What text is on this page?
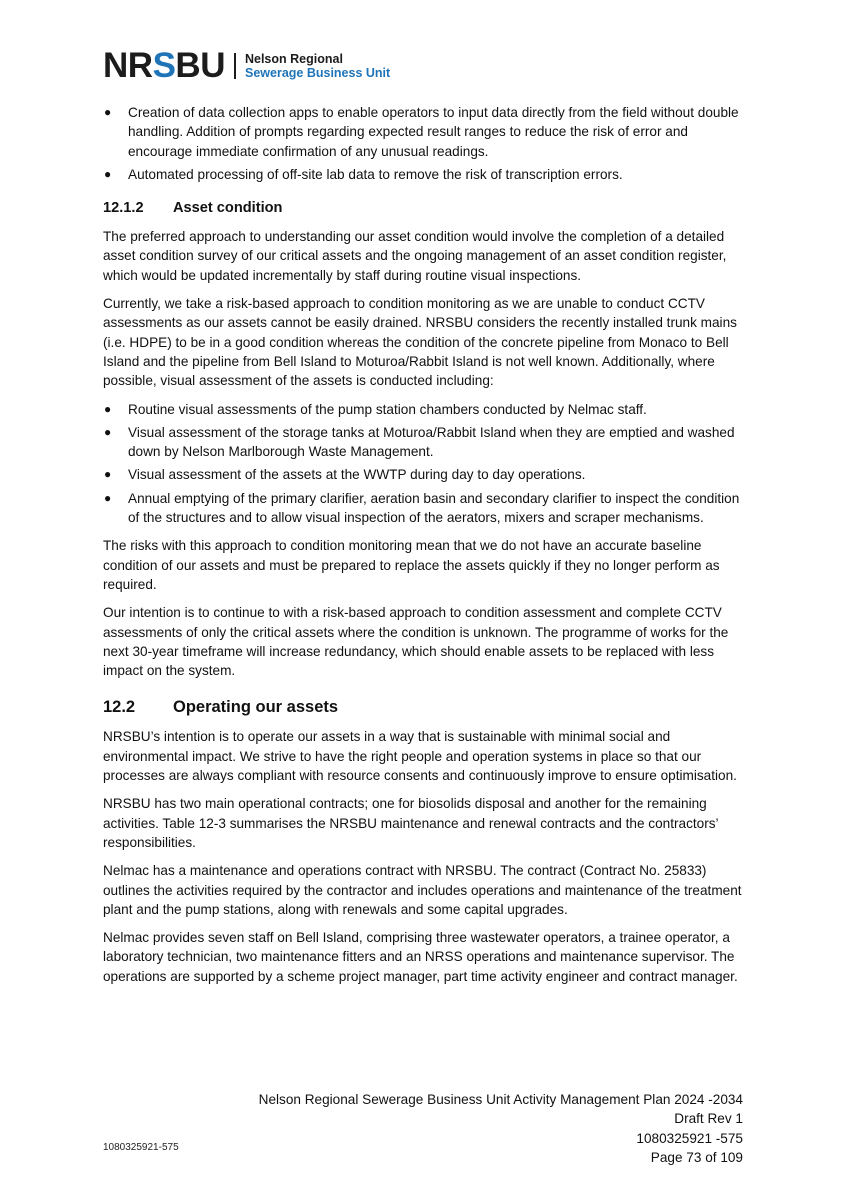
NRSBU Nelson Regional
Sewerage Business Unit
● Creation of data collection apps to enable operators to input data directly from the field without double handling. Addition of prompts regarding expected result ranges to reduce the risk of error and encourage immediate confirmation of any unusual readings.
● Automated processing of off-site lab data to remove the risk of transcription errors.
12.1.2 Asset condition

The preferred approach to understanding our asset condition would involve the completion of a detailed asset condition survey of our critical assets and the ongoing management of an asset condition register, which would be updated incrementally by staff during routine visual inspections.

Currently, we take a risk-based approach to condition monitoring as we are unable to conduct CCTV assessments as our assets cannot be easily drained. NRSBU considers the recently installed trunk mains (i.e. HDPE) to be in a good condition whereas the condition of the concrete pipeline from Monaco to Bell Island and the pipeline from Bell Island to Moturoa/Rabbit Island is not well known. Additionally, where possible, visual assessment of the assets is conducted including:

● Routine visual assessments of the pump station chambers conducted by Nelmac staff.
● Visual assessment of the storage tanks at Moturoa/Rabbit Island when they are emptied and washed down by Nelson Marlborough Waste Management.
● Visual assessment of the assets at the WWTP during day to day operations.
● Annual emptying of the primary clarifier, aeration basin and secondary clarifier to inspect the condition of the structures and to allow visual inspection of the aerators, mixers and scraper mechanisms.

The risks with this approach to condition monitoring mean that we do not have an accurate baseline condition of our assets and must be prepared to replace the assets quickly if they no longer perform as required.

Our intention is to continue to with a risk-based approach to condition assessment and complete CCTV assessments of only the critical assets where the condition is unknown. The programme of works for the next 30-year timeframe will increase redundancy, which should enable assets to be replaced with less impact on the system.

12.2 Operating our assets

NRSBU’s intention is to operate our assets in a way that is sustainable with minimal social and environmental impact. We strive to have the right people and operation systems in place so that our processes are always compliant with resource consents and continuously improve to ensure optimisation.

NRSBU has two main operational contracts; one for biosolids disposal and another for the remaining activities. Table 12-3 summarises the NRSBU maintenance and renewal contracts and the contractors’ responsibilities.

Nelmac has a maintenance and operations contract with NRSBU. The contract (Contract No. 25833) outlines the activities required by the contractor and includes operations and maintenance of the treatment plant and the pump stations, along with renewals and some capital upgrades.

Nelmac provides seven staff on Bell Island, comprising three wastewater operators, a trainee operator, a laboratory technician, two maintenance fitters and an NRSS operations and maintenance supervisor. The operations are supported by a scheme project manager, part time activity engineer and contract manager.

Nelson Regional Sewerage Business Unit Activity Management Plan 2024 -2034
Draft Rev 1
1080325921 -575
Page 73 of 109
1080325921-575
